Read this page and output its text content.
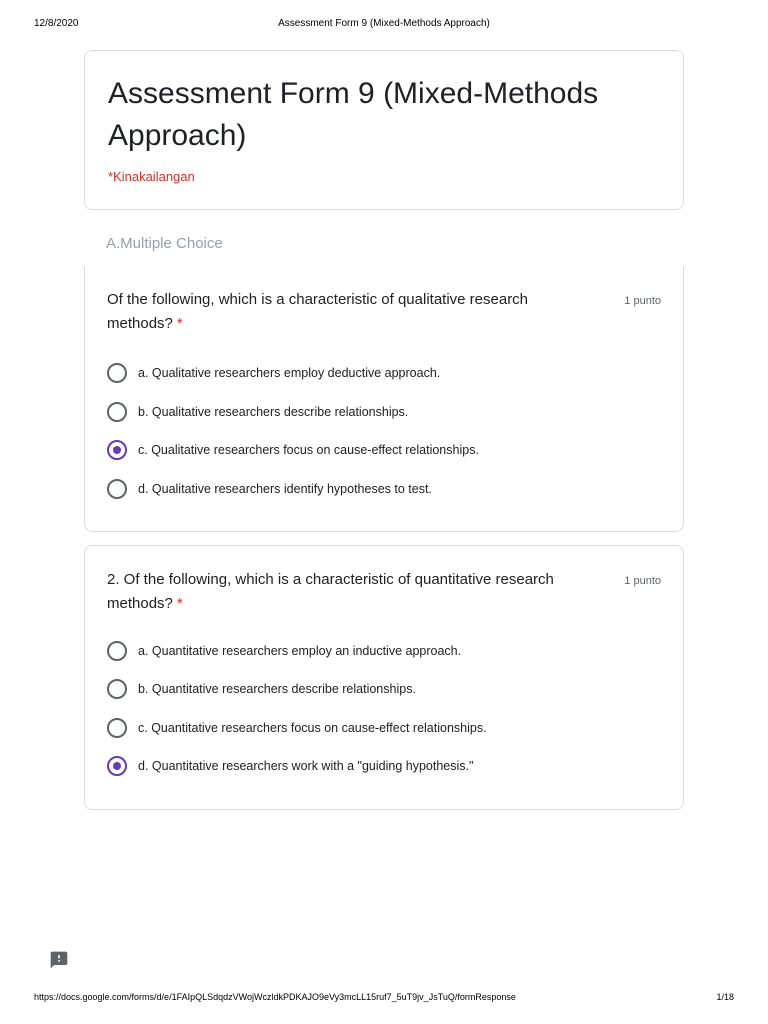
12/8/2020	Assessment Form 9 (Mixed-Methods Approach)
Assessment Form 9 (Mixed-Methods Approach)
*Kinakailangan
A.Multiple Choice
Of the following, which is a characteristic of qualitative research methods? *
1 punto
a. Qualitative researchers employ deductive approach.
b. Qualitative researchers describe relationships.
c. Qualitative researchers focus on cause-effect relationships.
d. Qualitative researchers identify hypotheses to test.
2. Of the following, which is a characteristic of quantitative research methods? *
1 punto
a. Quantitative researchers employ an inductive approach.
b. Quantitative researchers describe relationships.
c. Quantitative researchers focus on cause-effect relationships.
d. Quantitative researchers work with a "guiding hypothesis."
https://docs.google.com/forms/d/e/1FAIpQLSdqdzVWojWczldkPDKAJO9eVy3mcLL15ruf7_5uT9jv_JsTuQ/formResponse	1/18
